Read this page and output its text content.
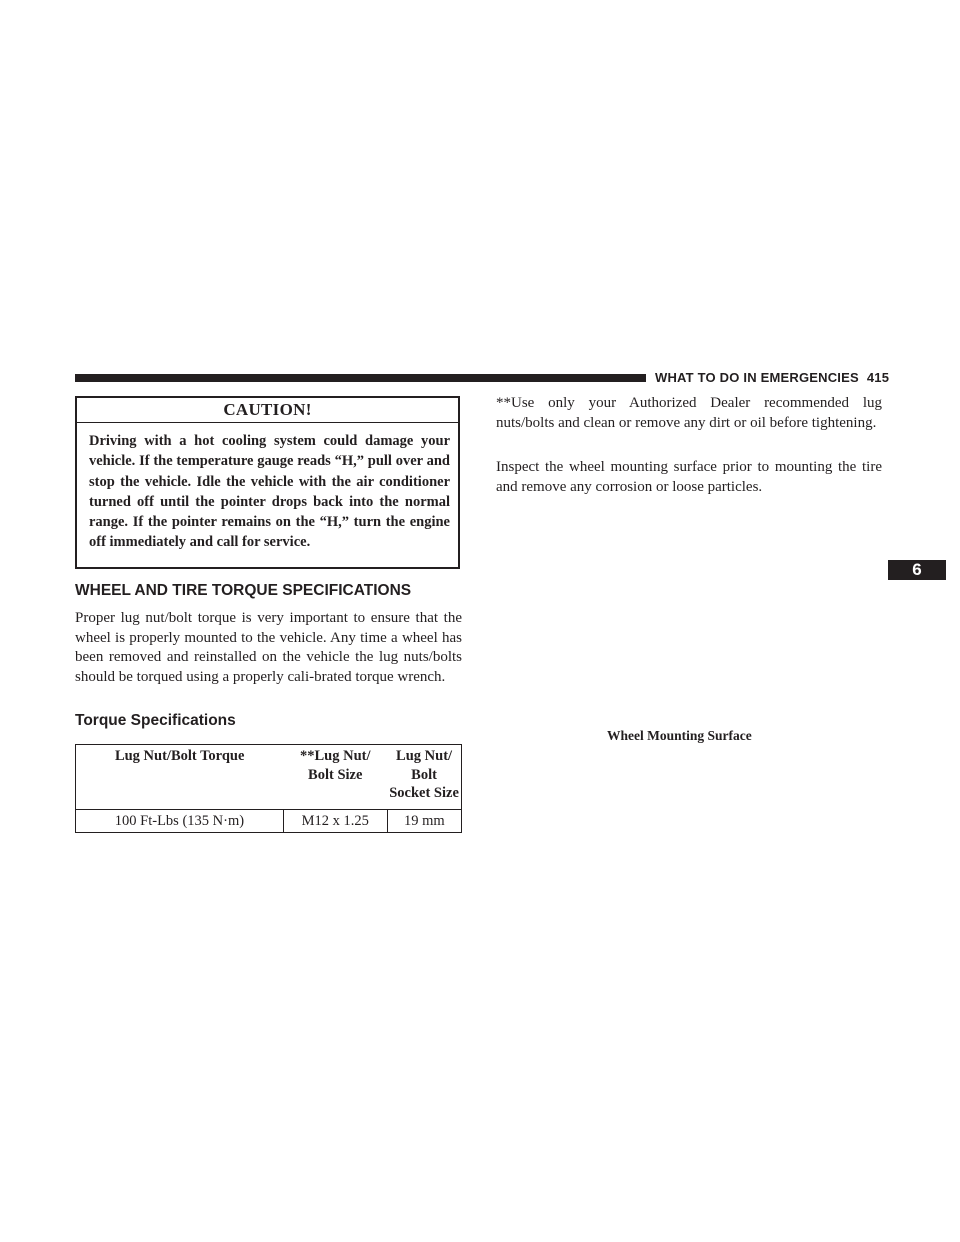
WHAT TO DO IN EMERGENCIES 415
6
CAUTION!
Driving with a hot cooling system could damage your vehicle. If the temperature gauge reads “H,” pull over and stop the vehicle. Idle the vehicle with the air conditioner turned off until the pointer drops back into the normal range. If the pointer remains on the “H,” turn the engine off immediately and call for service.
WHEEL AND TIRE TORQUE SPECIFICATIONS
Proper lug nut/bolt torque is very important to ensure that the wheel is properly mounted to the vehicle. Any time a wheel has been removed and reinstalled on the vehicle the lug nuts/bolts should be torqued using a properly cali-brated torque wrench.
Torque Specifications
Lug Nut/Bolt Torque	**Lug Nut/ Bolt Size	Lug Nut/ Bolt Socket Size
100 Ft-Lbs (135 N·m)	M12 x 1.25	19 mm
**Use only your Authorized Dealer recommended lug nuts/bolts and clean or remove any dirt or oil before tightening.
Inspect the wheel mounting surface prior to mounting the tire and remove any corrosion or loose particles.
Wheel Mounting Surface
